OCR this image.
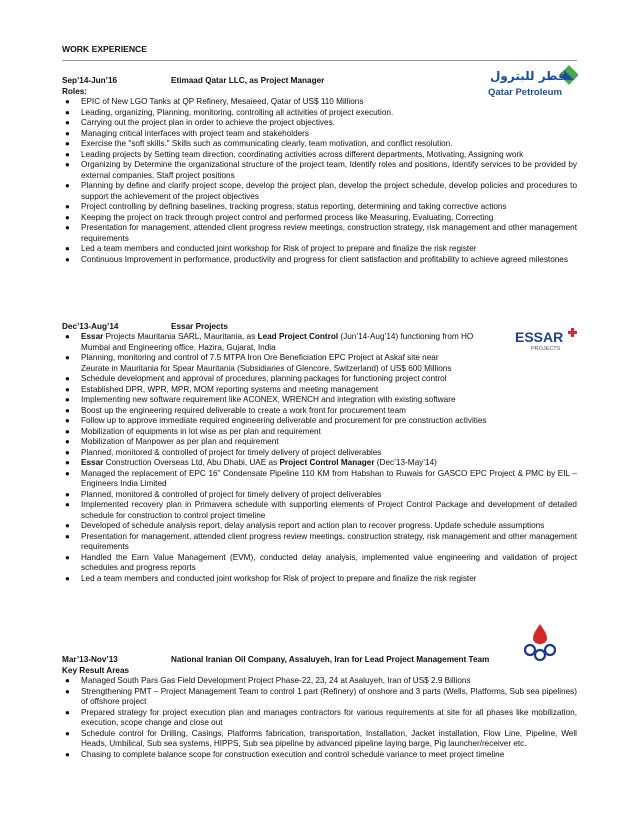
WORK EXPERIENCE
قطر للبترول
Qatar Petroleum
ESSAR
PROJECTS
Sep’14-Jun’16	Etimaad Qatar LLC, as Project Manager
Roles:
● EPIC of New LGO Tanks at QP Refinery, Mesaieed, Qatar of US$ 110 Millions
● Leading, organizing, Planning, monitoring, controlling all activities of project execution.
● Carrying out the project plan in order to achieve the project objectives.
● Managing critical interfaces with project team and stakeholders
● Exercise the "soft skills." Skills such as communicating clearly, team motivation, and conflict resolution.
● Leading projects by Setting team direction, coordinating activities across different departments, Motivating, Assigning work
● Organizing by Determine the organizational structure of the project team, Identify roles and positions, Identify services to be provided by external companies, Staff project positions
● Planning by define and clarify project scope, develop the project plan, develop the project schedule, develop policies and procedures to support the achievement of the project objectives
● Project controlling by defining baselines, tracking progress, status reporting, determining and taking corrective actions
● Keeping the project on track through project control and performed process like Measuring, Evaluating, Correcting
● Presentation for management, attended client progress review meetings, construction strategy, risk management and other management requirements
● Led a team members and conducted joint workshop for Risk of project to prepare and finalize the risk register
● Continuous Improvement in performance, productivity and progress for client satisfaction and profitability to achieve agreed milestones
Dec’13-Aug’14	Essar Projects
● Essar Projects Mauritania SARL, Mauritania, as Lead Project Control (Jun’14-Aug’14) functioning from HO
Mumbai and Engineering office, Hazira, Gujarat, India
● Planning, monitoring and control of 7.5 MTPA Iron Ore Beneficiation EPC Project at Askaf site near
Zeurate in Mauritania for Spear Mauritania (Subsidiaries of Glencore, Switzerland) of US$ 600 Millions
● Schedule development and approval of procedures, planning packages for functioning project control
● Established DPR, WPR, MPR, MOM reporting systems and meeting management
● Implementing new software requirement like ACONEX, WRENCH and integration with existing software
● Boost up the engineering required deliverable to create a work front for procurement team
● Follow up to approve immediate required engineering deliverable and procurement for pre construction activities
● Mobilization of equipments in lot wise as per plan and requirement
● Mobilization of Manpower as per plan and requirement
● Planned, monitored & controlled of project for timely delivery of project deliverables
● Essar Construction Overseas Ltd, Abu Dhabi, UAE as Project Control Manager (Dec’13-May’14)
● Managed the replacement of EPC 16” Condensate Pipeline 110 KM from Habshan to Ruwais for GASCO EPC Project & PMC by EIL – Engineers India Limited
● Planned, monitored & controlled of project for timely delivery of project deliverables
● Implemented recovery plan in Primavera schedule with supporting elements of Project Control Package and development of detailed schedule for construction to control project timeline
● Developed of schedule analysis report, delay analysis report and action plan to recover progress. Update schedule assumptions
● Presentation for management, attended client progress review meetings, construction strategy, risk management and other management requirements
● Handled the Earn Value Management (EVM), conducted delay analysis, implemented value engineering and validation of project schedules and progress reports
● Led a team members and conducted joint workshop for Risk of project to prepare and finalize the risk register
Mar’13-Nov’13	National Iranian Oil Company, Assaluyeh, Iran for Lead Project Management Team
Key Result Areas
● Managed South Pars Gas Field Development Project Phase-22, 23, 24 at Asaluyeh, Iran of US$ 2.9 Billions
● Strengthening PMT – Project Management Team to control 1 part (Refinery) of onshore and 3 parts (Wells, Platforms, Sub sea pipelines) of offshore project
● Prepared strategy for project execution plan and manages contractors for various requirements at site for all phases like mobilization, execution, scope change and close out
● Schedule control for Drilling, Casings, Platforms fabrication, transportation, Installation, Jacket installation, Flow Line, Pipeline, Well Heads, Umbilical, Sub sea systems, HIPPS, Sub sea pipeline by advanced pipeline laying barge, Pig launcher/receiver etc.
● Chasing to complete balance scope for construction execution and control schedule variance to meet project timeline
